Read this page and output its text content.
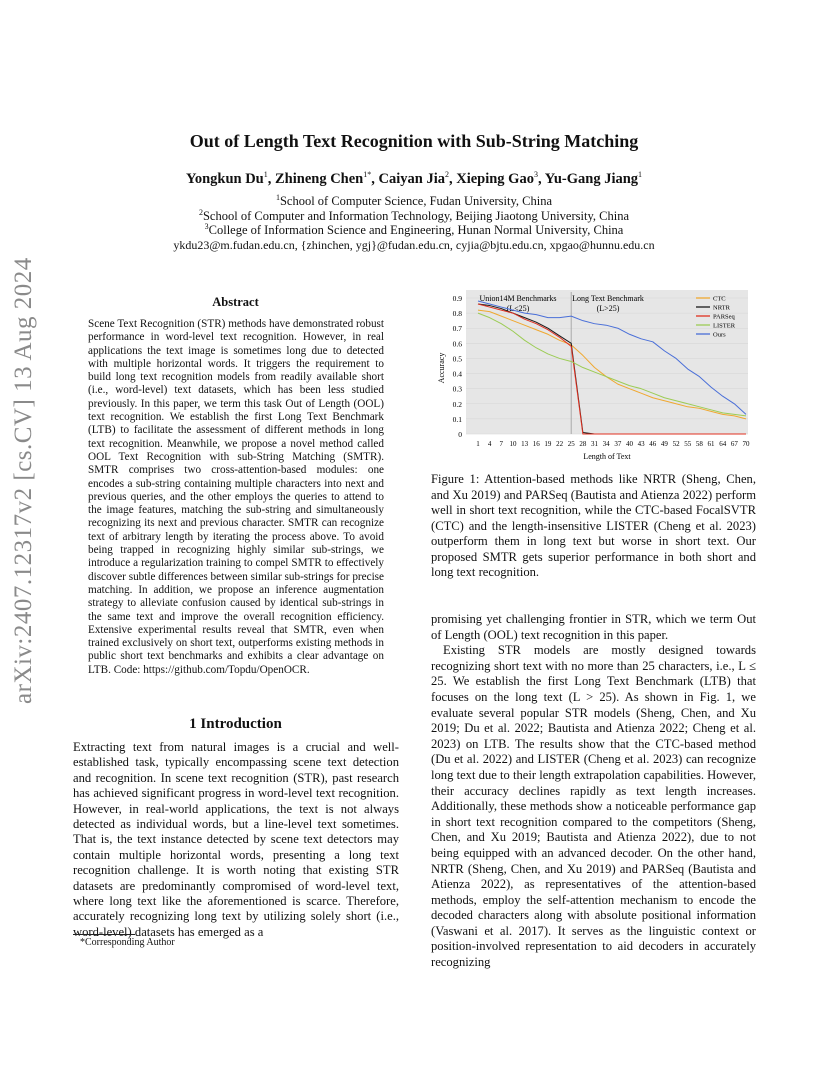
arXiv:2407.12317v2 [cs.CV] 13 Aug 2024
Out of Length Text Recognition with Sub-String Matching
Yongkun Du$^1$, Zhineng Chen$^{1*}$, Caiyan Jia$^2$, Xieping Gao$^3$, Yu-Gang Jiang$^1$
$^1$School of Computer Science, Fudan University, China
$^2$School of Computer and Information Technology, Beijing Jiaotong University, China
$^3$College of Information Science and Engineering, Hunan Normal University, China
ykdu23@m.fudan.edu.cn, {zhinchen, ygj}@fudan.edu.cn, cyjia@bjtu.edu.cn, xpgao@hunnu.edu.cn
Abstract
Scene Text Recognition (STR) methods have demonstrated robust performance in word-level text recognition. However, in real applications the text image is sometimes long due to detected with multiple horizontal words. It triggers the requirement to build long text recognition models from readily available short (i.e., word-level) text datasets, which has been less studied previously. In this paper, we term this task Out of Length (OOL) text recognition. We establish the first Long Text Benchmark (LTB) to facilitate the assessment of different methods in long text recognition. Meanwhile, we propose a novel method called OOL Text Recognition with sub-String Matching (SMTR). SMTR comprises two cross-attention-based modules: one encodes a sub-string containing multiple characters into next and previous queries, and the other employs the queries to attend to the image features, matching the sub-string and simultaneously recognizing its next and previous character. SMTR can recognize text of arbitrary length by iterating the process above. To avoid being trapped in recognizing highly similar sub-strings, we introduce a regularization training to compel SMTR to effectively discover subtle differences between similar sub-strings for precise matching. In addition, we propose an inference augmentation strategy to alleviate confusion caused by identical sub-strings in the same text and improve the overall recognition efficiency. Extensive experimental results reveal that SMTR, even when trained exclusively on short text, outperforms existing methods in public short text benchmarks and exhibits a clear advantage on LTB. Code: https://github.com/Topdu/OpenOCR.
1 Introduction
Extracting text from natural images is a crucial and well-established task, typically encompassing scene text detection and recognition. In scene text recognition (STR), past research has achieved significant progress in word-level text recognition. However, in real-world applications, the text is not always detected as individual words, but a line-level text sometimes. That is, the text instance detected by scene text detectors may contain multiple horizontal words, presenting a long text recognition challenge. It is worth noting that existing STR datasets are predominantly compromised of word-level text, where long text like the aforementioned is scarce. Therefore, accurately recognizing long text by utilizing solely short (i.e., word-level) datasets has emerged as a
*Corresponding Author
Union14M Benchmarks
(L≤25)
Long Text Benchmark
(L>25)
0
0.1
0.2
0.3
0.4
0.5
0.6
0.7
0.8
0.9
1 4 7 10 13 16 19 22 25 28 31 34 37 40 43 46 49 52 55 58 61 64 67 70
CTC
NRTR
PARSeq
LISTER
Ours
Length of Text
Accuracy
Figure 1: Attention-based methods like NRTR (Sheng, Chen, and Xu 2019) and PARSeq (Bautista and Atienza 2022) perform well in short text recognition, while the CTC-based FocalSVTR (CTC) and the length-insensitive LISTER (Cheng et al. 2023) outperform them in long text but worse in short text. Our proposed SMTR gets superior performance in both short and long text recognition.

promising yet challenging frontier in STR, which we term Out of Length (OOL) text recognition in this paper.

Existing STR models are mostly designed towards recognizing short text with no more than 25 characters, i.e., L ≤ 25. We establish the first Long Text Benchmark (LTB) that focuses on the long text (L > 25). As shown in Fig. 1, we evaluate several popular STR models (Sheng, Chen, and Xu 2019; Du et al. 2022; Bautista and Atienza 2022; Cheng et al. 2023) on LTB. The results show that the CTC-based method (Du et al. 2022) and LISTER (Cheng et al. 2023) can recognize long text due to their length extrapolation capabilities. However, their accuracy declines rapidly as text length increases. Additionally, these methods show a noticeable performance gap in short text recognition compared to the competitors (Sheng, Chen, and Xu 2019; Bautista and Atienza 2022), due to not being equipped with an advanced decoder. On the other hand, NRTR (Sheng, Chen, and Xu 2019) and PARSeq (Bautista and Atienza 2022), as representatives of the attention-based methods, employ the self-attention mechanism to encode the decoded characters along with absolute positional information (Vaswani et al. 2017). It serves as the linguistic context or position-involved representation to aid decoders in accurately recognizing
